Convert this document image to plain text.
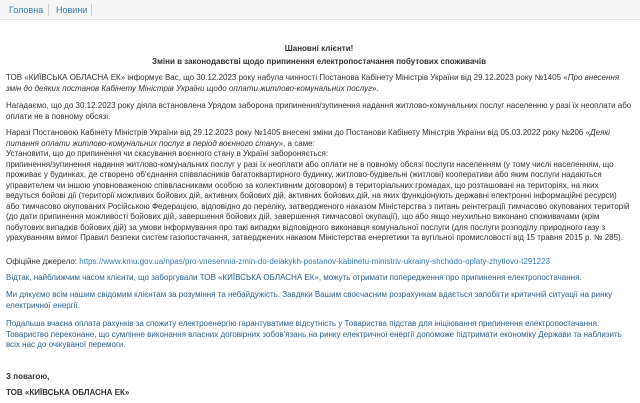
Головна Новини

Шановні клієнти!

Зміни в законодавстві щодо припинення електропостачання побутових споживачів

ТОВ «КИЇВСЬКА ОБЛАСНА ЕК» інформує Вас, що 30.12.2023 року набула чинності Постанова Кабінету Міністрів України від 29.12.2023 року №1405 «Про внесення змін до деяких постанов Кабінету Міністрів України щодо оплати житлово-комунальних послуг».

Нагадаємо, що до 30.12.2023 року діяла встановлена Урядом заборона припинення/зупинення надання житлово-комунальних послуг населенню у разі їх неоплати або оплати не в повному обсязі.

Наразі Постановою Кабінету Міністрів України від 29.12.2023 року №1405 внесені зміни до Постанови Кабінету Міністрів України від 05.03.2022 року №206 «Деякі питання оплати житлово-комунальних послуг в період воєнного стану», а саме:
Установити, що до припинення чи скасування воєнного стану в Україні забороняється:
припинення/зупинення надання житлово-комунальних послуг у разі їх неоплати або оплати не в повному обсязі послуги населенням (у тому числі населенням, що проживає у будинках, де створено об'єднання співвласників багатоквартирного будинку, житлово-будівельні (житлові) кооперативи або яким послуги надаються управителем чи іншою уповноваженою співвласниками особою за колективним договором) в територіальних громадах, що розташовані на територіях, на яких ведуться бойові дії (території можливих бойових дій, активних бойових дій, активних бойових дій, на яких функціонують державні електронні інформаційні ресурси) або тимчасово окупованих Російською Федерацією, відповідно до переліку, затвердженого наказом Міністерства з питань реінтеграції тимчасово окупованих територій (до дати припинення можливості бойових дій, завершення бойових дій, завершення тимчасової окупації), що або якщо неухильно виконано споживачами (крім побутових випадків бойових дій) за умови інформування про такі випадки відповідного виконавця комунальної послуги (для послуги розподілу природного газу з урахуванням вимог Правил безпеки систем газопостачання, затверджених наказом Міністерства енергетики та вугільної промисловості від 15 травня 2015 р. № 285).

Офіційне джерело: https://www.kmu.gov.ua/npas/pro-vnesennia-zmin-do-deiakykh-postanov-kabinetu-ministriv-ukrainy-shchodo-oplaty-zhytlovo-t291223

Відтак, найближчим часом клієнти, що заборгували ТОВ «КИЇВСЬКА ОБЛАСНА ЕК», можуть отримати попередження про припинення електропостачання.

Ми дякуємо всім нашим свідомим клієнтам за розуміння та небайдужість. Завдяки Вашим своєчасним розрахункам вдається запобігти критичній ситуації на ринку електричної енергії.

Подальша вчасна оплата рахунків за спожиту електроенергію гарантуватиме відсутність у Товариства підстав для ініціювання припинення електропостачання. Товариство переконане, що сумлінне виконання власних договірних зобов'язань на ринку електричної енергії допоможе підтримати економіку Держави та наблизить всіх нас до очікуваної перемоги.

З повагою,

ТОВ «КИЇВСЬКА ОБЛАСНА ЕК»
